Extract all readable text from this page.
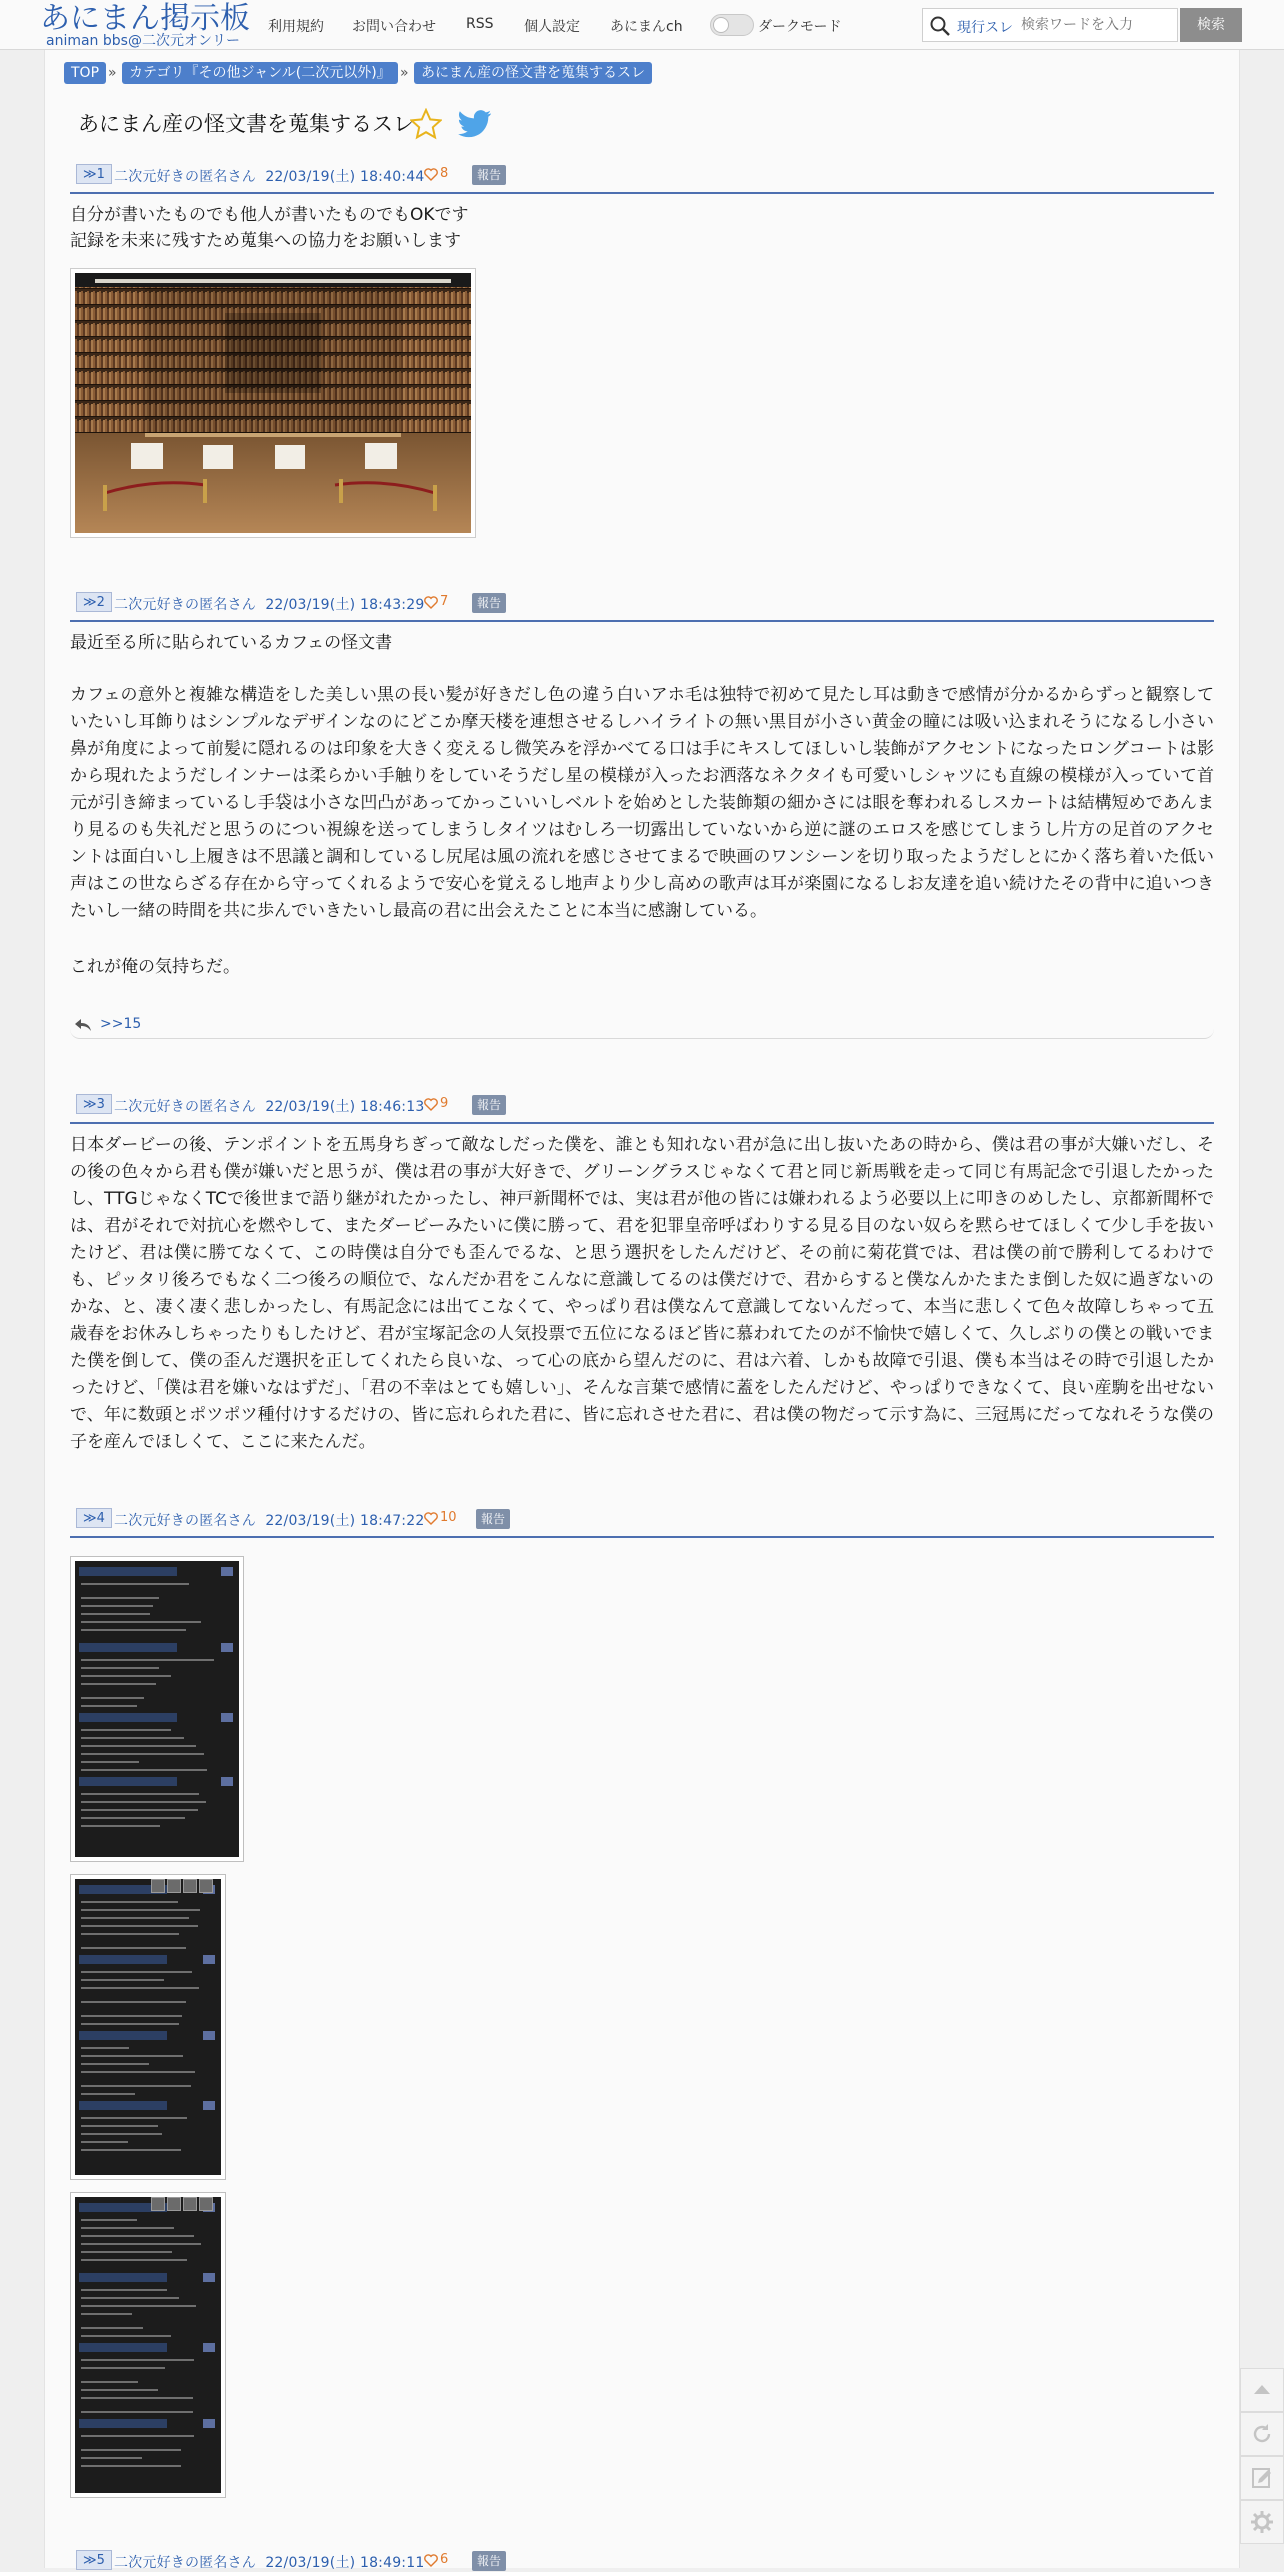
あにまん掲示板
animan bbs@二次元オンリー
利用規約 お問い合わせ RSS 個人設定 あにまんch	ダークモード	現行スレ
検索ワードを入力	検索
TOP » カテゴリ『その他ジャンル(二次元以外)』 » あにまん産の怪文書を蒐集するスレ
あにまん産の怪文書を蒐集するスレ
≫1 二次元好きの匿名さん 22/03/19(土) 18:40:44 8	報告
自分が書いたものでも他人が書いたものでもOKです
記録を未来に残すため蒐集への協力をお願いします
≫2 二次元好きの匿名さん 22/03/19(土) 18:43:29 7	報告
最近至る所に貼られているカフェの怪文書
カフェの意外と複雑な構造をした美しい黒の長い髪が好きだし色の違う白いアホ毛は独特で初めて見たし耳は動きで感情が分かるからずっと観察していたいし耳飾りはシンプルなデザインなのにどこか摩天楼を連想させるしハイライトの無い黒目が小さい黄金の瞳には吸い込まれそうになるし小さい鼻が角度によって前髪に隠れるのは印象を大きく変えるし微笑みを浮かべてる口は手にキスしてほしいし装飾がアクセントになったロングコートは影から現れたようだしインナーは柔らかい手触りをしていそうだし星の模様が入ったお洒落なネクタイも可愛いしシャツにも直線の模様が入っていて首元が引き締まっているし手袋は小さな凹凸があってかっこいいしベルトを始めとした装飾類の細かさには眼を奪われるしスカートは結構短めであんまり見るのも失礼だと思うのについ視線を送ってしまうしタイツはむしろ一切露出していないから逆に謎のエロスを感じてしまうし片方の足首のアクセントは面白いし上履きは不思議と調和しているし尻尾は風の流れを感じさせてまるで映画のワンシーンを切り取ったようだしとにかく落ち着いた低い声はこの世ならざる存在から守ってくれるようで安心を覚えるし地声より少し高めの歌声は耳が楽園になるしお友達を追い続けたその背中に追いつきたいし一緒の時間を共に歩んでいきたいし最高の君に出会えたことに本当に感謝している。
これが俺の気持ちだ。
>>15
≫3 二次元好きの匿名さん 22/03/19(土) 18:46:13 9	報告
日本ダービーの後、テンポイントを五馬身ちぎって敵なしだった僕を、誰とも知れない君が急に出し抜いたあの時から、僕は君の事が大嫌いだし、その後の色々から君も僕が嫌いだと思うが、僕は君の事が大好きで、グリーングラスじゃなくて君と同じ新馬戦を走って同じ有馬記念で引退したかったし、TTGじゃなくTCで後世まで語り継がれたかったし、神戸新聞杯では、実は君が他の皆には嫌われるよう必要以上に叩きのめしたし、京都新聞杯では、君がそれで対抗心を燃やして、またダービーみたいに僕に勝って、君を犯罪皇帝呼ばわりする見る目のない奴らを黙らせてほしくて少し手を抜いたけど、君は僕に勝てなくて、この時僕は自分でも歪んでるな、と思う選択をしたんだけど、その前に菊花賞では、君は僕の前で勝利してるわけでも、ピッタリ後ろでもなく二つ後ろの順位で、なんだか君をこんなに意識してるのは僕だけで、君からすると僕なんかたまたま倒した奴に過ぎないのかな、と、凄く凄く悲しかったし、有馬記念には出てこなくて、やっぱり君は僕なんて意識してないんだって、本当に悲しくて色々故障しちゃって五歳春をお休みしちゃったりもしたけど、君が宝塚記念の人気投票で五位になるほど皆に慕われてたのが不愉快で嬉しくて、久しぶりの僕との戦いでまた僕を倒して、僕の歪んだ選択を正してくれたら良いな、って心の底から望んだのに、君は六着、しかも故障で引退、僕も本当はその時で引退したかったけど、「僕は君を嫌いなはずだ」、「君の不幸はとても嬉しい」、そんな言葉で感情に蓋をしたんだけど、やっぱりできなくて、良い産駒を出せないで、年に数頭とポツポツ種付けするだけの、皆に忘れられた君に、皆に忘れさせた君に、君は僕の物だって示す為に、三冠馬にだってなれそうな僕の子を産んでほしくて、ここに来たんだ。
≫4 二次元好きの匿名さん 22/03/19(土) 18:47:22 10	報告
≫5 二次元好きの匿名さん 22/03/19(土) 18:49:11 6	報告
